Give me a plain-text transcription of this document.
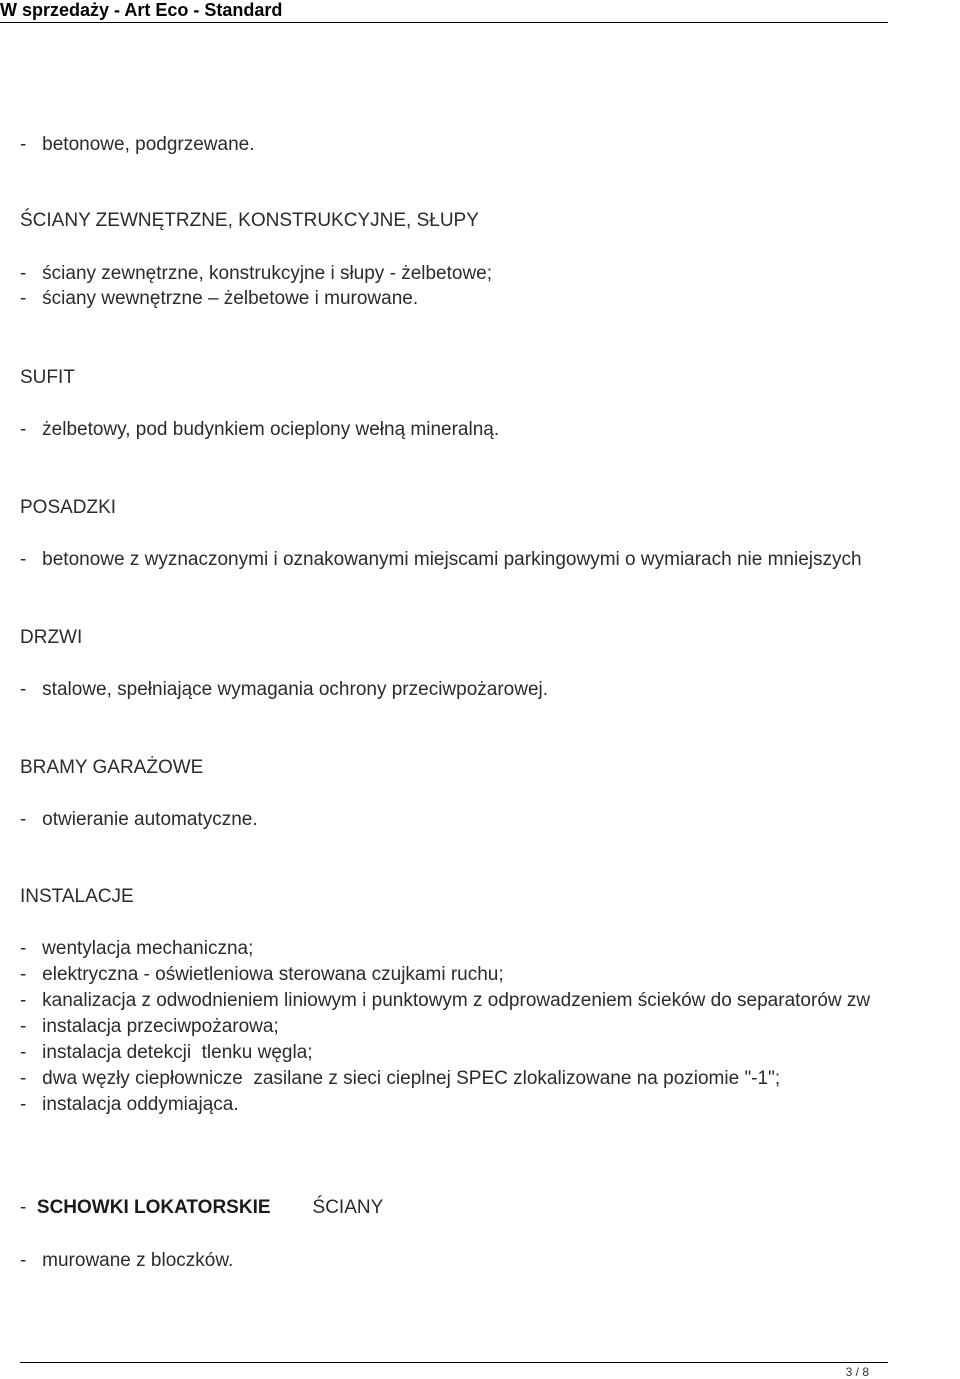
W sprzedaży - Art Eco - Standard
-   betonowe, podgrzewane.
ŚCIANY ZEWNĘTRZNE, KONSTRUKCYJNE, SŁUPY
-   ściany zewnętrzne, konstrukcyjne i słupy - żelbetowe;
-   ściany wewnętrzne – żelbetowe i murowane.
SUFIT
-   żelbetowy, pod budynkiem ocieplony wełną mineralną.
POSADZKI
-   betonowe z wyznaczonymi i oznakowanymi miejscami parkingowymi o wymiarach nie mniejszych
DRZWI
-   stalowe, spełniające wymagania ochrony przeciwpożarowej.
BRAMY GARAŻOWE
-   otwieranie automatyczne.
INSTALACJE
-   wentylacja mechaniczna;
-   elektryczna - oświetleniowa sterowana czujkami ruchu;
-   kanalizacja z odwodnieniem liniowym i punktowym z odprowadzeniem ścieków do separatorów zw
-   instalacja przeciwpożarowa;
-   instalacja detekcji  tlenku węgla;
-   dwa węzły ciepłownicze  zasilane z sieci cieplnej SPEC zlokalizowane na poziomie "-1";
-   instalacja oddymiająca.
- SCHOWKI LOKATORSKIE ŚCIANY
-   murowane z bloczków.
3 / 8
